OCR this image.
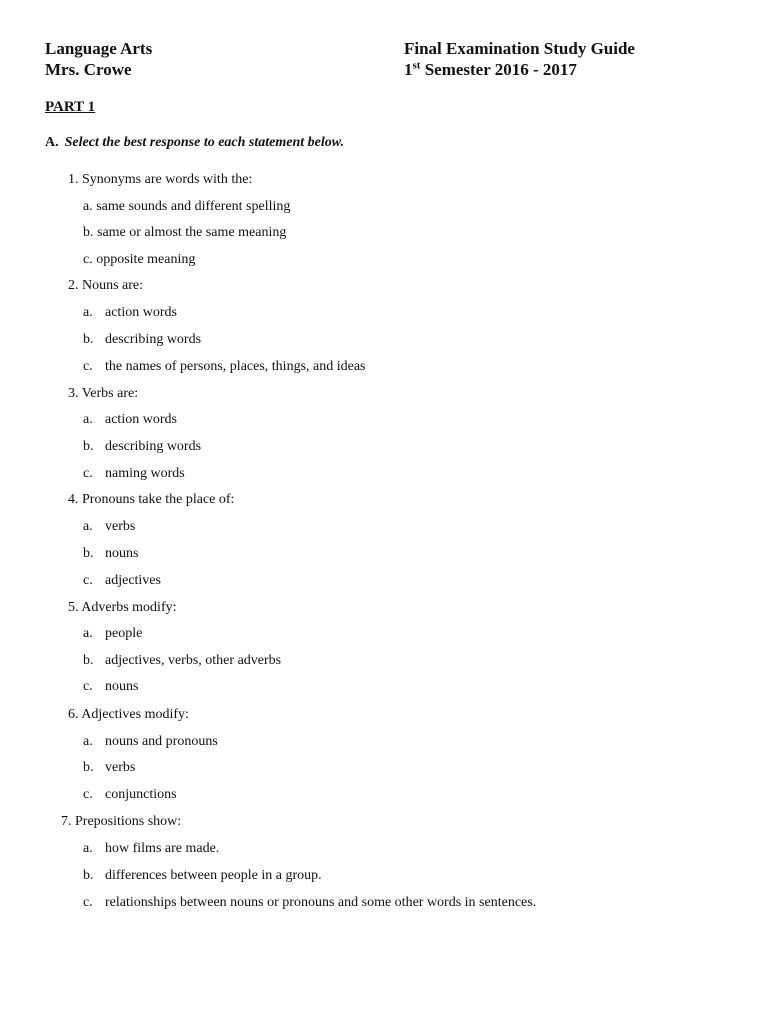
Language Arts
Mrs. Crowe
Final Examination Study Guide
1st Semester 2016 - 2017
PART 1
A. Select the best response to each statement below.
1. Synonyms are words with the:
a. same sounds and different spelling
b. same or almost the same meaning
c. opposite meaning
2. Nouns are:
a. action words
b. describing words
c. the names of persons, places, things, and ideas
3. Verbs are:
a. action words
b. describing words
c. naming words
4. Pronouns take the place of:
a. verbs
b. nouns
c. adjectives
5. Adverbs modify:
a. people
b. adjectives, verbs, other adverbs
c. nouns
6. Adjectives modify:
a. nouns and pronouns
b. verbs
c. conjunctions
7. Prepositions show:
a. how films are made.
b. differences between people in a group.
c. relationships between nouns or pronouns and some other words in sentences.
